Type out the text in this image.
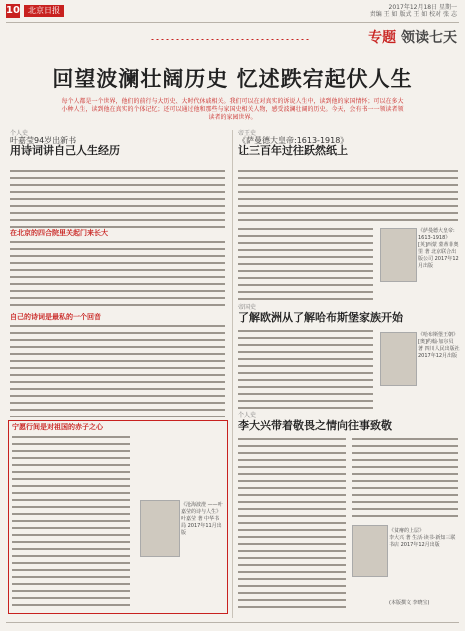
10	北京日报	2017年12月18日 星期一
责编 王 如 版式 王 如 校对 张 志
专题 领读七天
回望波澜壮阔历史 忆述跌宕起伏人生
每个人都是一个世界，他们的前行与大历史、大时代休戚相关。我们可以在对真实的诉说人生中，读到他的家国情怀；可以在多大小种人生，读到他在真实的个体记忆；还可以通过他和那些与家国史相关人物，感受波澜壮阔的历史。今天，会有书一一领读者领读者的家园世界。
个人史
叶嘉莹94岁出新书
用诗词讲自己人生经历
在北京的四合院里关起门来长大
自己的诗词是最私的一个回音
宁愿行间是对祖国的赤子之心
《沧海波澄 ——叶嘉莹的诗与人生》
叶嘉莹 著 中华书局 2017年11月出版
帝王史
《萨曼德大皇帝:1613-1918》
让三百年过往跃然纸上
《萨曼德大皇帝: 1613-1918》
[英]西蒙 蒙蒂菲奥里 著 北京联合出版公司 2017年12月出版
帝国史
了解欧洲从了解哈布斯堡家族开始
《哈布斯堡王朝》
[奥]约翰·加尔贝 著 四川人民出版社 2017年12月出版
个人史
李大兴带着敬畏之情向往事致敬
《贫瘠的上层》
李大兴 著 生活·读书·新知三联书店 2017年12月出版
(本版撰文 李晓宝)
